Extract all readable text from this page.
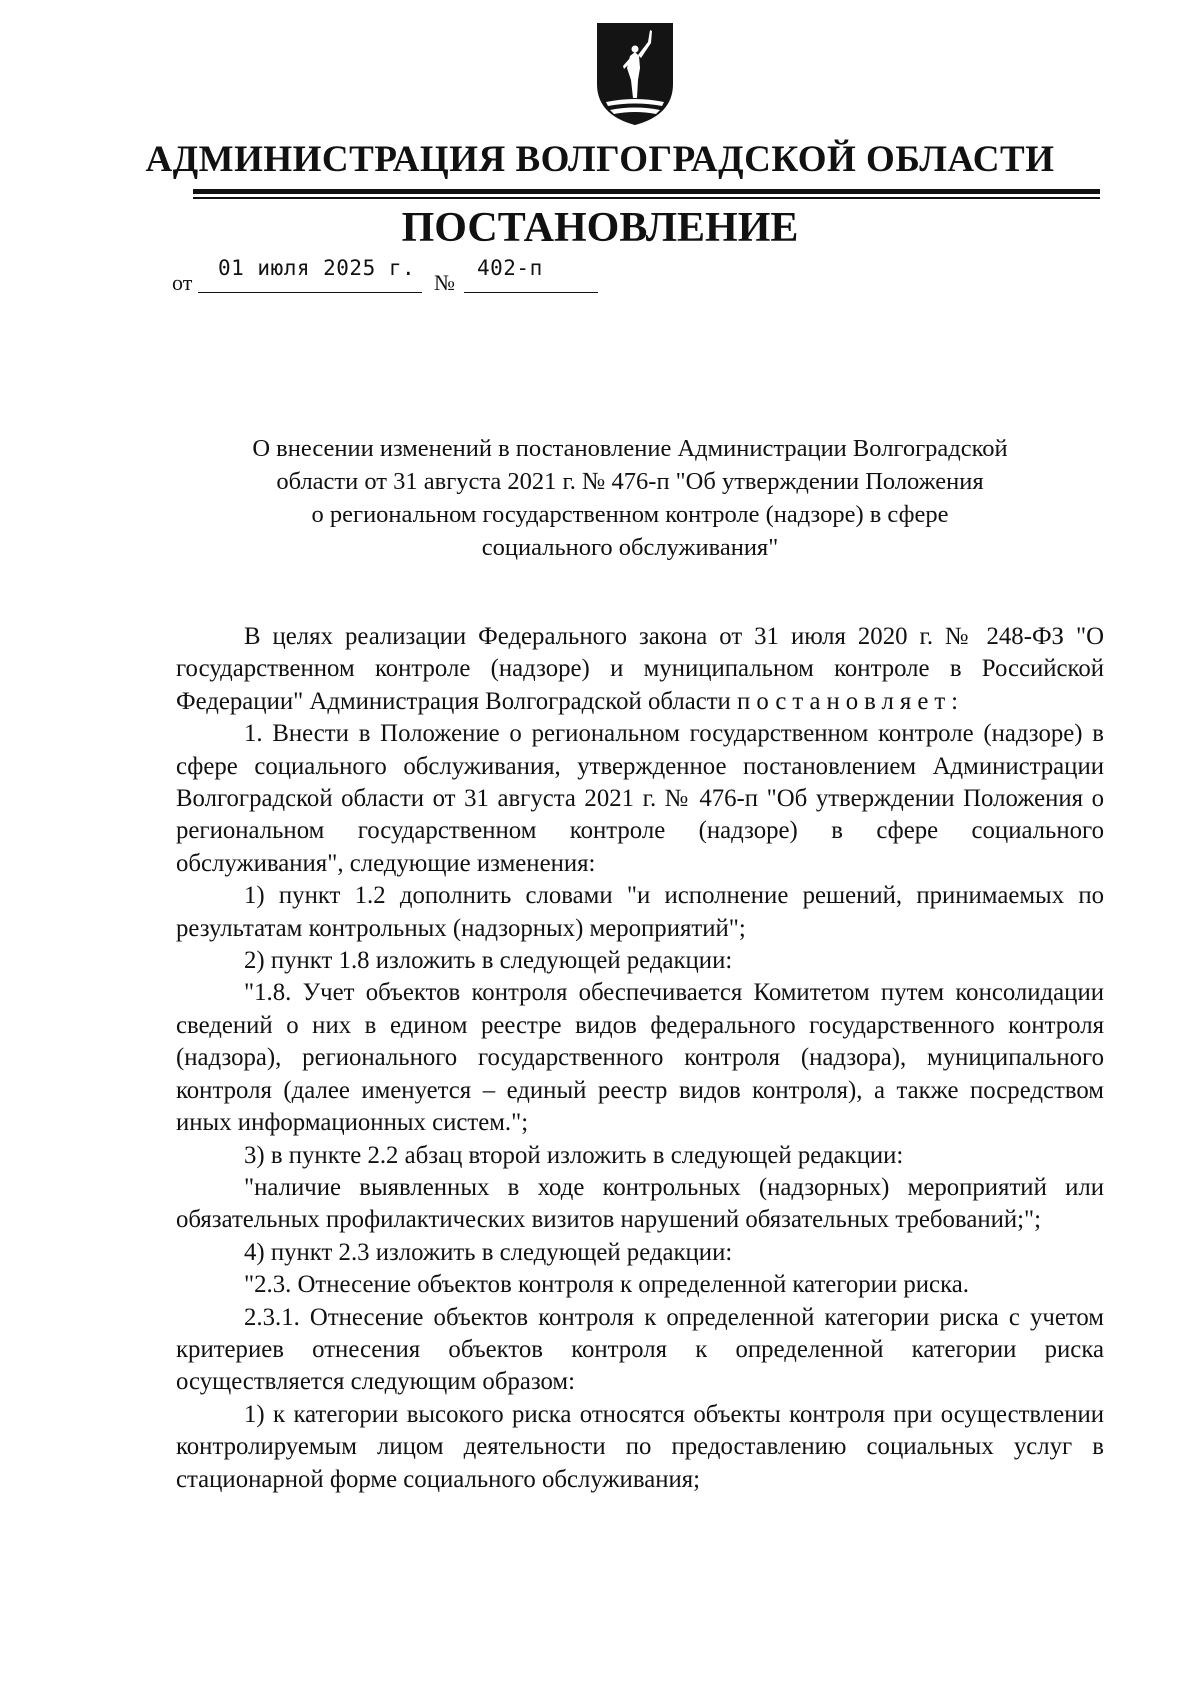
АДМИНИСТРАЦИЯ ВОЛГОГРАДСКОЙ ОБЛАСТИ
ПОСТАНОВЛЕНИЕ
от
01 июля 2025 г.
№
402-п
О внесении изменений в постановление Администрации Волгоградской
области от 31 августа 2021 г. № 476-п "Об утверждении Положения
о региональном государственном контроле (надзоре) в сфере
социального обслуживания"

В целях реализации Федерального закона от 31 июля 2020 г. № 248-ФЗ "О государственном контроле (надзоре) и муниципальном контроле в Российской Федерации" Администрация Волгоградской области постановляет:

1. Внести в Положение о региональном государственном контроле (надзоре) в сфере социального обслуживания, утвержденное постановлением Администрации Волгоградской области от 31 августа 2021 г. № 476-п "Об утверждении Положения о региональном государственном контроле (надзоре) в сфере социального обслуживания", следующие изменения:

1) пункт 1.2 дополнить словами "и исполнение решений, принимаемых по результатам контрольных (надзорных) мероприятий";

2) пункт 1.8 изложить в следующей редакции:

"1.8. Учет объектов контроля обеспечивается Комитетом путем консолидации сведений о них в едином реестре видов федерального государственного контроля (надзора), регионального государственного контроля (надзора), муниципального контроля (далее именуется – единый реестр видов контроля), а также посредством иных информационных систем.";

3) в пункте 2.2 абзац второй изложить в следующей редакции:

"наличие выявленных в ходе контрольных (надзорных) мероприятий или обязательных профилактических визитов нарушений обязательных требований;";

4) пункт 2.3 изложить в следующей редакции:

"2.3. Отнесение объектов контроля к определенной категории риска.

2.3.1. Отнесение объектов контроля к определенной категории риска с учетом критериев отнесения объектов контроля к определенной категории риска осуществляется следующим образом:

1) к категории высокого риска относятся объекты контроля при осуществлении контролируемым лицом деятельности по предоставлению социальных услуг в стационарной форме социального обслуживания;
